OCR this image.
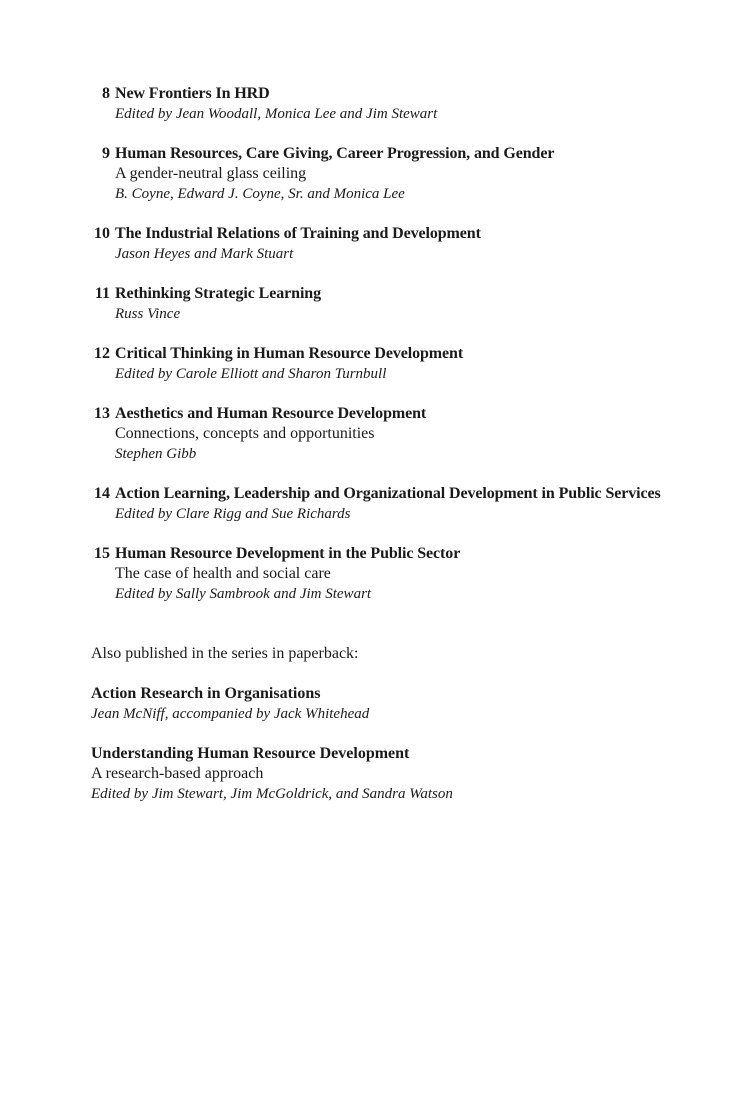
8 New Frontiers In HRD
Edited by Jean Woodall, Monica Lee and Jim Stewart
9 Human Resources, Care Giving, Career Progression, and Gender
A gender-neutral glass ceiling
B. Coyne, Edward J. Coyne, Sr. and Monica Lee
10 The Industrial Relations of Training and Development
Jason Heyes and Mark Stuart
11 Rethinking Strategic Learning
Russ Vince
12 Critical Thinking in Human Resource Development
Edited by Carole Elliott and Sharon Turnbull
13 Aesthetics and Human Resource Development
Connections, concepts and opportunities
Stephen Gibb
14 Action Learning, Leadership and Organizational Development in Public Services
Edited by Clare Rigg and Sue Richards
15 Human Resource Development in the Public Sector
The case of health and social care
Edited by Sally Sambrook and Jim Stewart

Also published in the series in paperback:

Action Research in Organisations
Jean McNiff, accompanied by Jack Whitehead
Understanding Human Resource Development
A research-based approach
Edited by Jim Stewart, Jim McGoldrick, and Sandra Watson
